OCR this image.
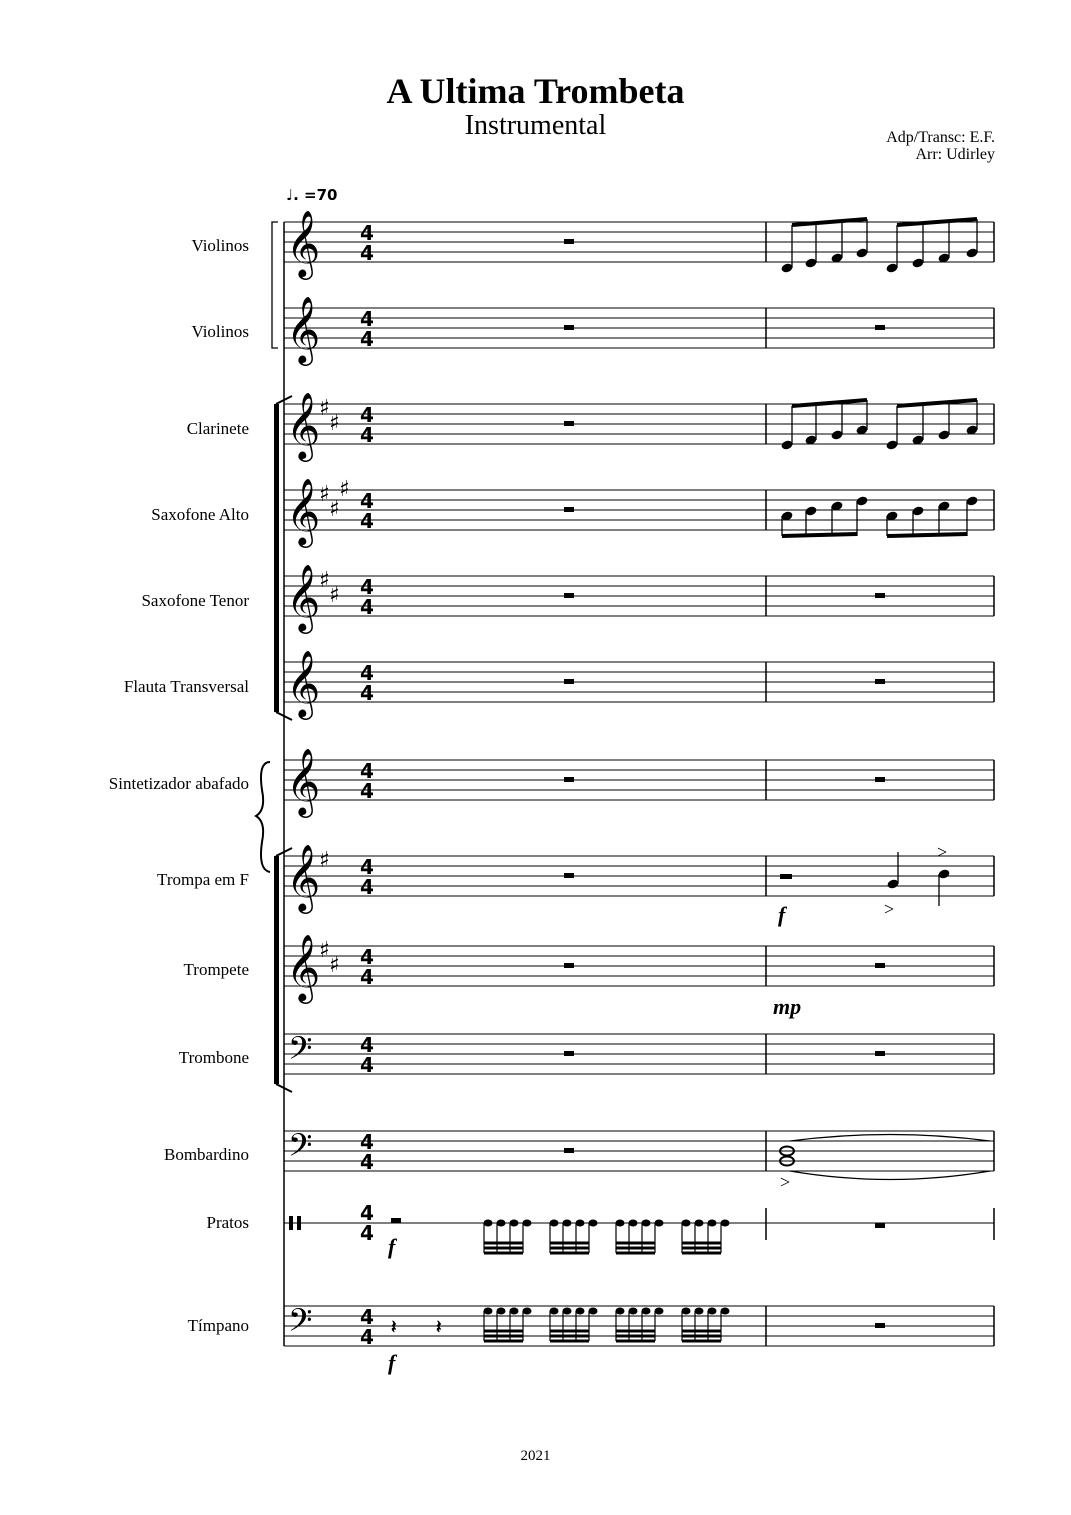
A Ultima Trombeta
Instrumental	Adp/Transc: E.F.
Arr: Udirley
♩. =70
Violinos
Violinos
Clarinete
Saxofone Alto
Saxofone Tenor
Flauta Transversal
Sintetizador abafado
Trompa em F
Trompete
Trombone
Bombardino
Pratos
Tímpano
f
mp
f
f
2021
𝄞 4
4
𝄞 4
4
𝄞
♯
♯ 4
4
𝄞
♯
♯
♯ 4
4
𝄞
♯
♯ 4
4
𝄞 4
4
𝄞 4
4
𝄞
♯ 4
4
𝄞
♯
♯ 4
4
𝄢 4
4
𝄢 4
4
𝄢 4
4
4
4
>
>
>
𝄽 𝄽
